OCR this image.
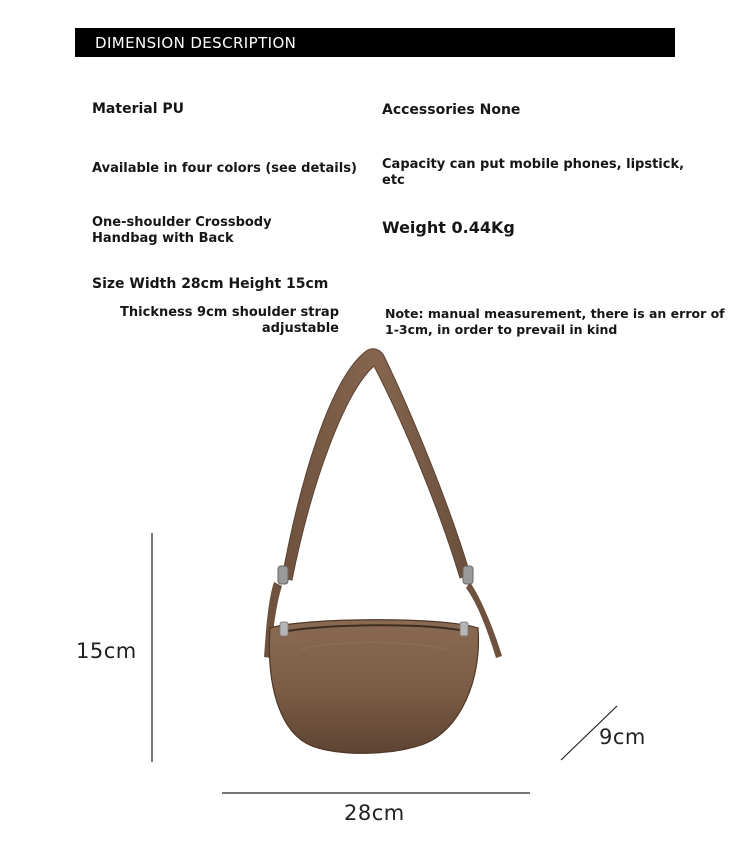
DIMENSION DESCRIPTION
Material PU	Accessories None
Available in four colors (see details) Capacity can put mobile phones, lipstick,
etc
One-shoulder Crossbody
Handbag with Back
Weight 0.44Kg
Size Width 28cm Height 15cm
Thickness 9cm shoulder strap
adjustable
Note: manual measurement, there is an error of
1-3cm, in order to prevail in kind
15cm
28cm
9cm
